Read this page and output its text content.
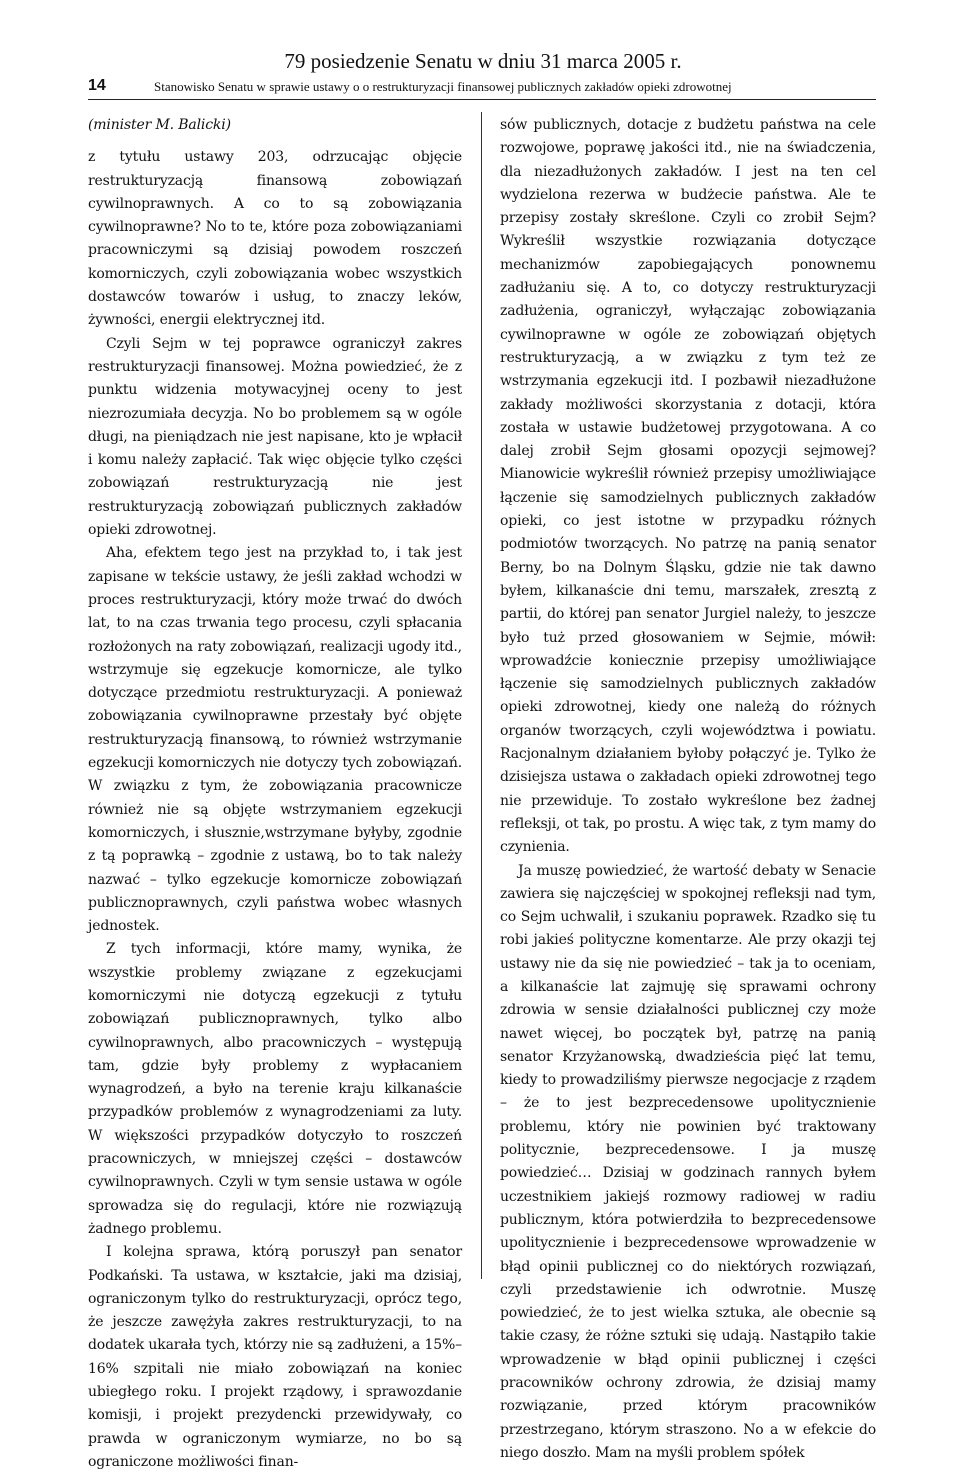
79 posiedzenie Senatu w dniu 31 marca 2005 r.
14	Stanowisko Senatu w sprawie ustawy o o restrukturyzacji finansowej publicznych zakładów opieki zdrowotnej
(minister M. Balicki)

z tytułu ustawy 203, odrzucając objęcie restrukturyzacją finansową zobowiązań cywilnoprawnych. A co to są zobowiązania cywilnoprawne? No to te, które poza zobowiązaniami pracowniczymi są dzisiaj powodem roszczeń komorniczych, czyli zobowiązania wobec wszystkich dostawców towarów i usług, to znaczy leków, żywności, energii elektrycznej itd.

Czyli Sejm w tej poprawce ograniczył zakres restrukturyzacji finansowej. Można powiedzieć, że z punktu widzenia motywacyjnej oceny to jest niezrozumiała decyzja. No bo problemem są w ogóle długi, na pieniądzach nie jest napisane, kto je wpłacił i komu należy zapłacić. Tak więc objęcie tylko części zobowiązań restrukturyzacją nie jest restrukturyzacją zobowiązań publicznych zakładów opieki zdrowotnej.

Aha, efektem tego jest na przykład to, i tak jest zapisane w tekście ustawy, że jeśli zakład wchodzi w proces restrukturyzacji, który może trwać do dwóch lat, to na czas trwania tego procesu, czyli spłacania rozłożonych na raty zobowiązań, realizacji ugody itd., wstrzymuje się egzekucje komornicze, ale tylko dotyczące przedmiotu restrukturyzacji. A ponieważ zobowiązania cywilnoprawne przestały być objęte restrukturyzacją finansową, to również wstrzymanie egzekucji komorniczych nie dotyczy tych zobowiązań. W związku z tym, że zobowiązania pracownicze również nie są objęte wstrzymaniem egzekucji komorniczych, i słusznie,wstrzymane byłyby, zgodnie z tą poprawką – zgodnie z ustawą, bo to tak należy nazwać – tylko egzekucje komornicze zobowiązań publicznoprawnych, czyli państwa wobec własnych jednostek.

Z tych informacji, które mamy, wynika, że wszystkie problemy związane z egzekucjami komorniczymi nie dotyczą egzekucji z tytułu zobowiązań publicznoprawnych, tylko albo cywilnoprawnych, albo pracowniczych – występują tam, gdzie były problemy z wypłacaniem wynagrodzeń, a było na terenie kraju kilkanaście przypadków problemów z wynagrodzeniami za luty. W większości przypadków dotyczyło to roszczeń pracowniczych, w mniejszej części – dostawców cywilnoprawnych. Czyli w tym sensie ustawa w ogóle sprowadza się do regulacji, które nie rozwiązują żadnego problemu.

I kolejna sprawa, którą poruszył pan senator Podkański. Ta ustawa, w kształcie, jaki ma dzisiaj, ograniczonym tylko do restrukturyzacji, oprócz tego, że jeszcze zawężyła zakres restrukturyzacji, to na dodatek ukarała tych, którzy nie są zadłużeni, a 15%–16% szpitali nie miało zobowiązań na koniec ubiegłego roku. I projekt rządowy, i sprawozdanie komisji, i projekt prezydencki przewidywały, co prawda w ograniczonym wymiarze, no bo są ograniczone możliwości finan-

sów publicznych, dotacje z budżetu państwa na cele rozwojowe, poprawę jakości itd., nie na świadczenia, dla niezadłużonych zakładów. I jest na ten cel wydzielona rezerwa w budżecie państwa. Ale te przepisy zostały skreślone. Czyli co zrobił Sejm? Wykreślił wszystkie rozwiązania dotyczące mechanizmów zapobiegających ponownemu zadłużaniu się. A to, co dotyczy restrukturyzacji zadłużenia, ograniczył, wyłączając zobowiązania cywilnoprawne w ogóle ze zobowiązań objętych restrukturyzacją, a w związku z tym też ze wstrzymania egzekucji itd. I pozbawił niezadłużone zakłady możliwości skorzystania z dotacji, która została w ustawie budżetowej przygotowana. A co dalej zrobił Sejm głosami opozycji sejmowej? Mianowicie wykreślił również przepisy umożliwiające łączenie się samodzielnych publicznych zakładów opieki, co jest istotne w przypadku różnych podmiotów tworzących. No patrzę na panią senator Berny, bo na Dolnym Śląsku, gdzie nie tak dawno byłem, kilkanaście dni temu, marszałek, zresztą z partii, do której pan senator Jurgiel należy, to jeszcze było tuż przed głosowaniem w Sejmie, mówił: wprowadźcie koniecznie przepisy umożliwiające łączenie się samodzielnych publicznych zakładów opieki zdrowotnej, kiedy one należą do różnych organów tworzących, czyli województwa i powiatu. Racjonalnym działaniem byłoby połączyć je. Tylko że dzisiejsza ustawa o zakładach opieki zdrowotnej tego nie przewiduje. To zostało wykreślone bez żadnej refleksji, ot tak, po prostu. A więc tak, z tym mamy do czynienia.

Ja muszę powiedzieć, że wartość debaty w Senacie zawiera się najczęściej w spokojnej refleksji nad tym, co Sejm uchwalił, i szukaniu poprawek. Rzadko się tu robi jakieś polityczne komentarze. Ale przy okazji tej ustawy nie da się nie powiedzieć – tak ja to oceniam, a kilkanaście lat zajmuję się sprawami ochrony zdrowia w sensie działalności publicznej czy może nawet więcej, bo początek był, patrzę na panią senator Krzyżanowską, dwadzieścia pięć lat temu, kiedy to prowadziliśmy pierwsze negocjacje z rządem – że to jest bezprecedensowe upolitycznienie problemu, który nie powinien być traktowany politycznie, bezprecedensowe. I ja muszę powiedzieć… Dzisiaj w godzinach rannych byłem uczestnikiem jakiejś rozmowy radiowej w radiu publicznym, która potwierdziła to bezprecedensowe upolitycznienie i bezprecedensowe wprowadzenie w błąd opinii publicznej co do niektórych rozwiązań, czyli przedstawienie ich odwrotnie. Muszę powiedzieć, że to jest wielka sztuka, ale obecnie są takie czasy, że różne sztuki się udają. Nastąpiło takie wprowadzenie w błąd opinii publicznej i części pracowników ochrony zdrowia, że dzisiaj mamy rozwiązanie, przed którym pracowników przestrzegano, którym straszono. No a w efekcie do niego doszło. Mam na myśli problem spółek
